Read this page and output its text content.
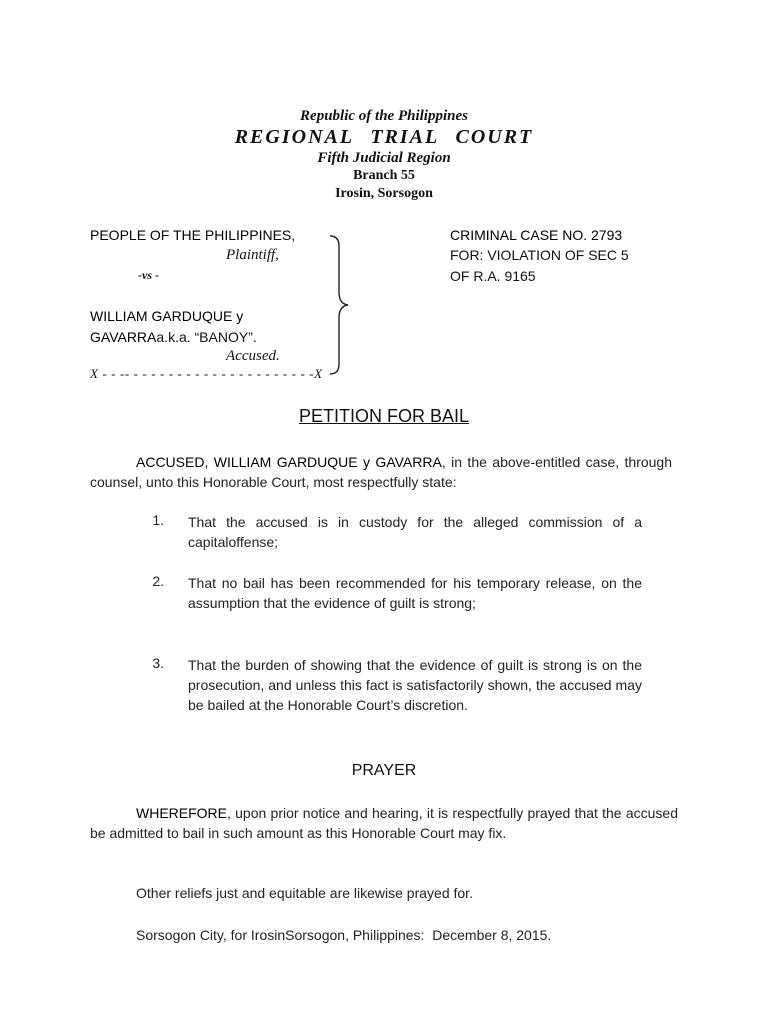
Republic of the Philippines
REGIONAL TRIAL COURT
Fifth Judicial Region
Branch 55
Irosin, Sorsogon
PEOPLE OF THE PHILIPPINES,
Plaintiff,
-vs -
WILLIAM GARDUQUE y
GAVARRAa.k.a. “BANOY”.
Accused.
X - - -- - - - - - - - - - - - - - - - - - - - - -X
CRIMINAL CASE NO. 2793
FOR: VIOLATION OF SEC 5
OF R.A. 9165
PETITION FOR BAIL
ACCUSED, WILLIAM GARDUQUE y GAVARRA, in the above-entitled case, through counsel, unto this Honorable Court, most respectfully state:
1. That the accused is in custody for the alleged commission of a capitaloffense;
2. That no bail has been recommended for his temporary release, on the assumption that the evidence of guilt is strong;
3. That the burden of showing that the evidence of guilt is strong is on the prosecution, and unless this fact is satisfactorily shown, the accused may be bailed at the Honorable Court’s discretion.
PRAYER
WHEREFORE, upon prior notice and hearing, it is respectfully prayed that the accused be admitted to bail in such amount as this Honorable Court may fix.
Other reliefs just and equitable are likewise prayed for.
Sorsogon City, for IrosinSorsogon, Philippines:  December 8, 2015.
